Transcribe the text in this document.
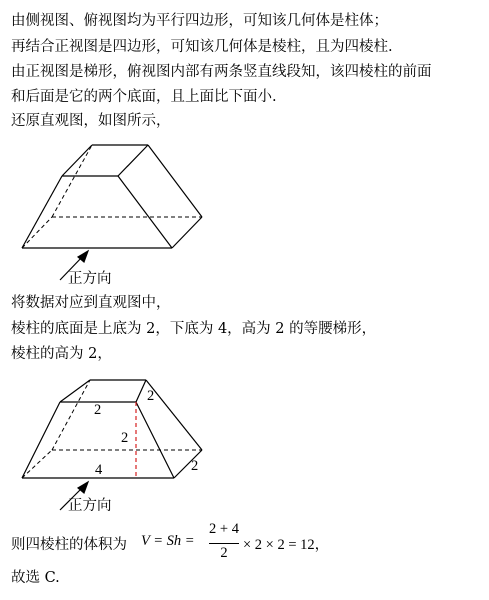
由侧视图、俯视图均为平行四边形，可知该几何体是柱体；
再结合正视图是四边形，可知该几何体是棱柱，且为四棱柱.
由正视图是梯形，俯视图内部有两条竖直线段知，该四棱柱的前面
和后面是它的两个底面，且上面比下面小.
还原直观图，如图所示，
正方向
将数据对应到直观图中，
棱柱的底面是上底为 2，下底为 4，高为 2 的等腰梯形，
棱柱的高为 2，
2
2
2
4	2
正方向
则四棱柱的体积为 V = Sh =
2 + 4
2	× 2 × 2 = 12，
故选 C.
